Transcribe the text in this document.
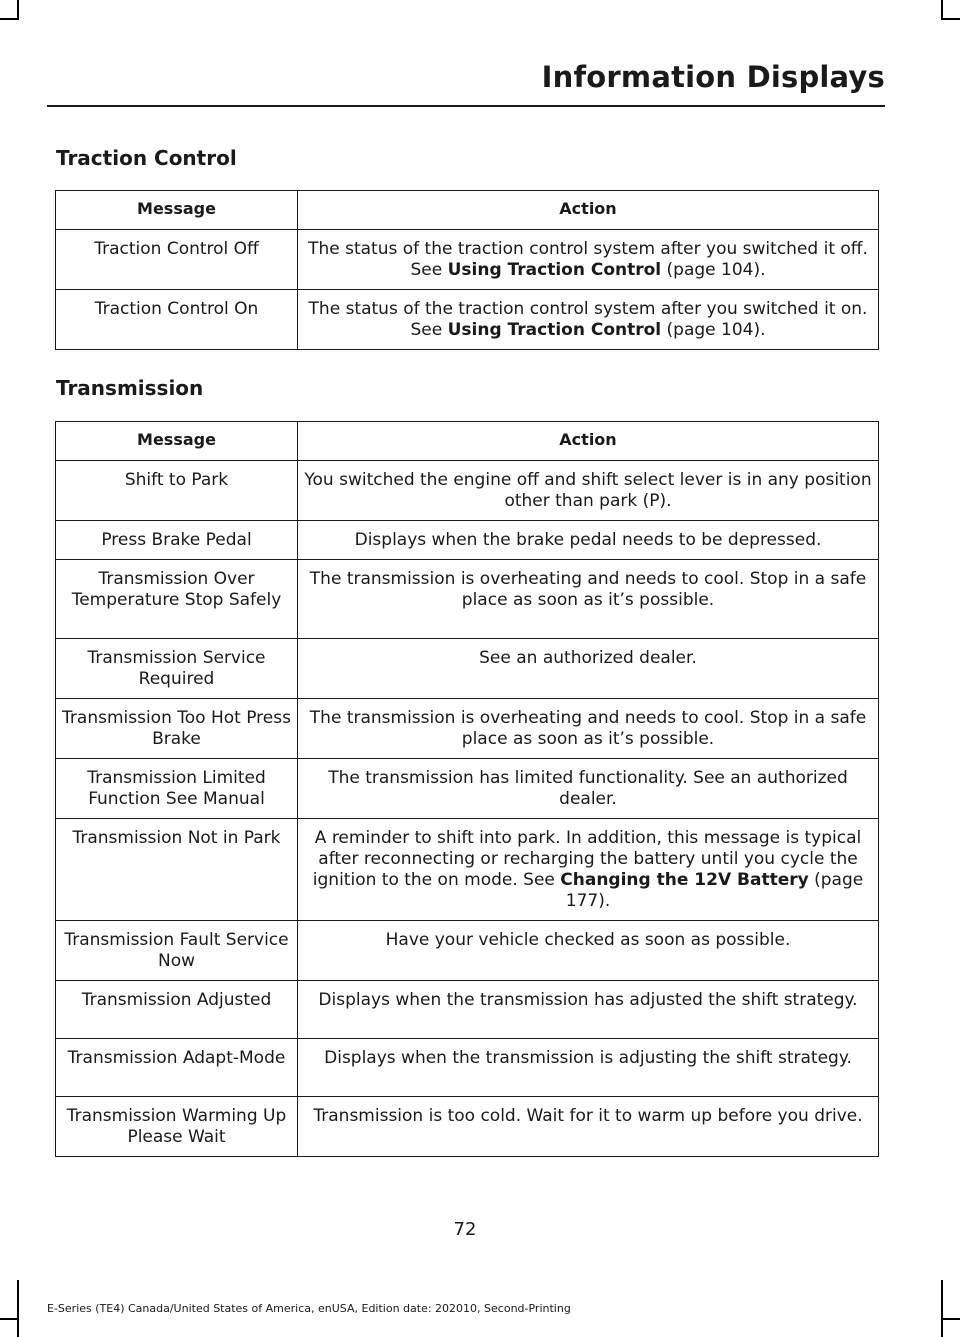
Information Displays
Traction Control
Message	Action
Traction Control Off	The status of the traction control system after you switched it off. See Using Traction Control (page 104).
Traction Control On	The status of the traction control system after you switched it on. See Using Traction Control (page 104).
Transmission
Message	Action
Shift to Park	You switched the engine off and shift select lever is in any position other than park (P).
Press Brake Pedal	Displays when the brake pedal needs to be depressed.
Transmission Over Temperature Stop Safely	The transmission is overheating and needs to cool. Stop in a safe place as soon as it’s possible.
Transmission Service Required	See an authorized dealer.
Transmission Too Hot Press Brake	The transmission is overheating and needs to cool. Stop in a safe place as soon as it’s possible.
Transmission Limited Function See Manual	The transmission has limited functionality. See an authorized dealer.
Transmission Not in Park	A reminder to shift into park. In addition, this message is typical after reconnecting or recharging the battery until you cycle the ignition to the on mode. See Changing the 12V Battery (page 177).
Transmission Fault Service Now	Have your vehicle checked as soon as possible.
Transmission Adjusted	Displays when the transmission has adjusted the shift strategy.
Transmission Adapt-Mode	Displays when the transmission is adjusting the shift strategy.
Transmission Warming Up Please Wait	Transmission is too cold. Wait for it to warm up before you drive.
72
E-Series (TE4) Canada/United States of America, enUSA, Edition date: 202010, Second-Printing
